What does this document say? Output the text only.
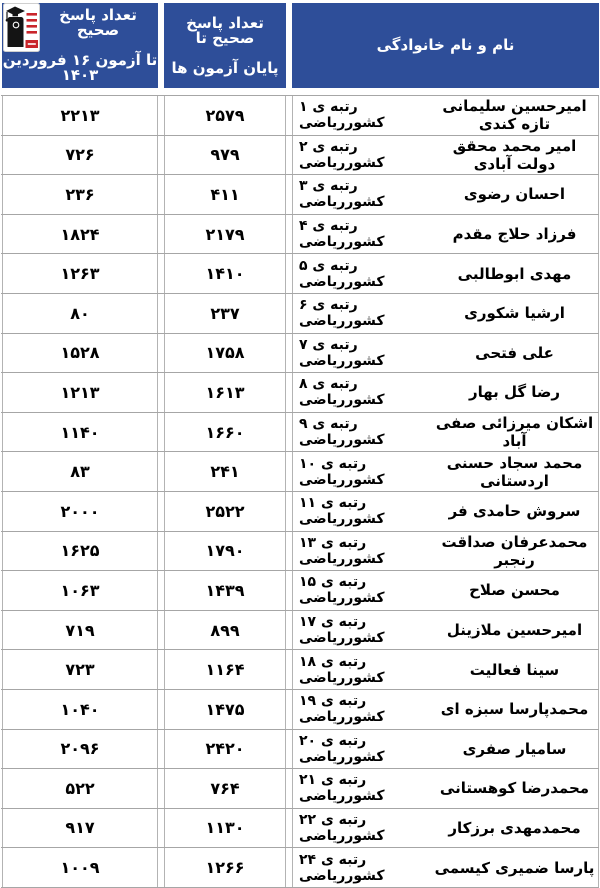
نام و نام خانوادگی
تعداد پاسخ صحیح تا
پایان آزمون ها
تعداد پاسخ صحیح
تا آزمون ۱۶ فروردین ۱۴۰۳
امیرحسین سلیمانی تازه کندی
رتبه ی ۱ کشورریاضی
۲۵۷۹
۲۲۱۳
امیر محمد محقق دولت آبادی
رتبه ی ۲ کشورریاضی
۹۷۹
۷۲۶
احسان رضوی
رتبه ی ۳ کشورریاضی
۴۱۱
۲۳۶
فرزاد حلاج مقدم
رتبه ی ۴ کشورریاضی
۲۱۷۹
۱۸۲۴
مهدی ابوطالبی
رتبه ی ۵ کشورریاضی
۱۴۱۰
۱۲۶۳
ارشیا شکوری
رتبه ی ۶ کشورریاضی
۲۳۷
۸۰
علی فتحی
رتبه ی ۷ کشورریاضی
۱۷۵۸
۱۵۲۸
رضا گل بهار
رتبه ی ۸ کشورریاضی
۱۶۱۳
۱۲۱۳
اشکان میرزائی صفی آباد
رتبه ی ۹ کشورریاضی
۱۶۶۰
۱۱۴۰
محمد سجاد حسنی اردستانی
رتبه ی ۱۰ کشورریاضی
۲۴۱
۸۳
سروش حامدی فر
رتبه ی ۱۱ کشورریاضی
۲۵۲۲
۲۰۰۰
محمدعرفان صداقت رنجبر
رتبه ی ۱۳ کشورریاضی
۱۷۹۰
۱۶۲۵
محسن صلاح
رتبه ی ۱۵ کشورریاضی
۱۴۳۹
۱۰۶۳
امیرحسین ملازینل
رتبه ی ۱۷ کشورریاضی
۸۹۹
۷۱۹
سینا فعالیت
رتبه ی ۱۸ کشورریاضی
۱۱۶۴
۷۲۳
محمدپارسا سبزه ای
رتبه ی ۱۹ کشورریاضی
۱۴۷۵
۱۰۴۰
سامیار صفری
رتبه ی ۲۰ کشورریاضی
۲۴۲۰
۲۰۹۶
محمدرضا کوهستانی
رتبه ی ۲۱ کشورریاضی
۷۶۴
۵۲۲
محمدمهدی برزکار
رتبه ی ۲۲ کشورریاضی
۱۱۳۰
۹۱۷
پارسا ضمیری کیسمی
رتبه ی ۲۴ کشورریاضی
۱۲۶۶
۱۰۰۹
